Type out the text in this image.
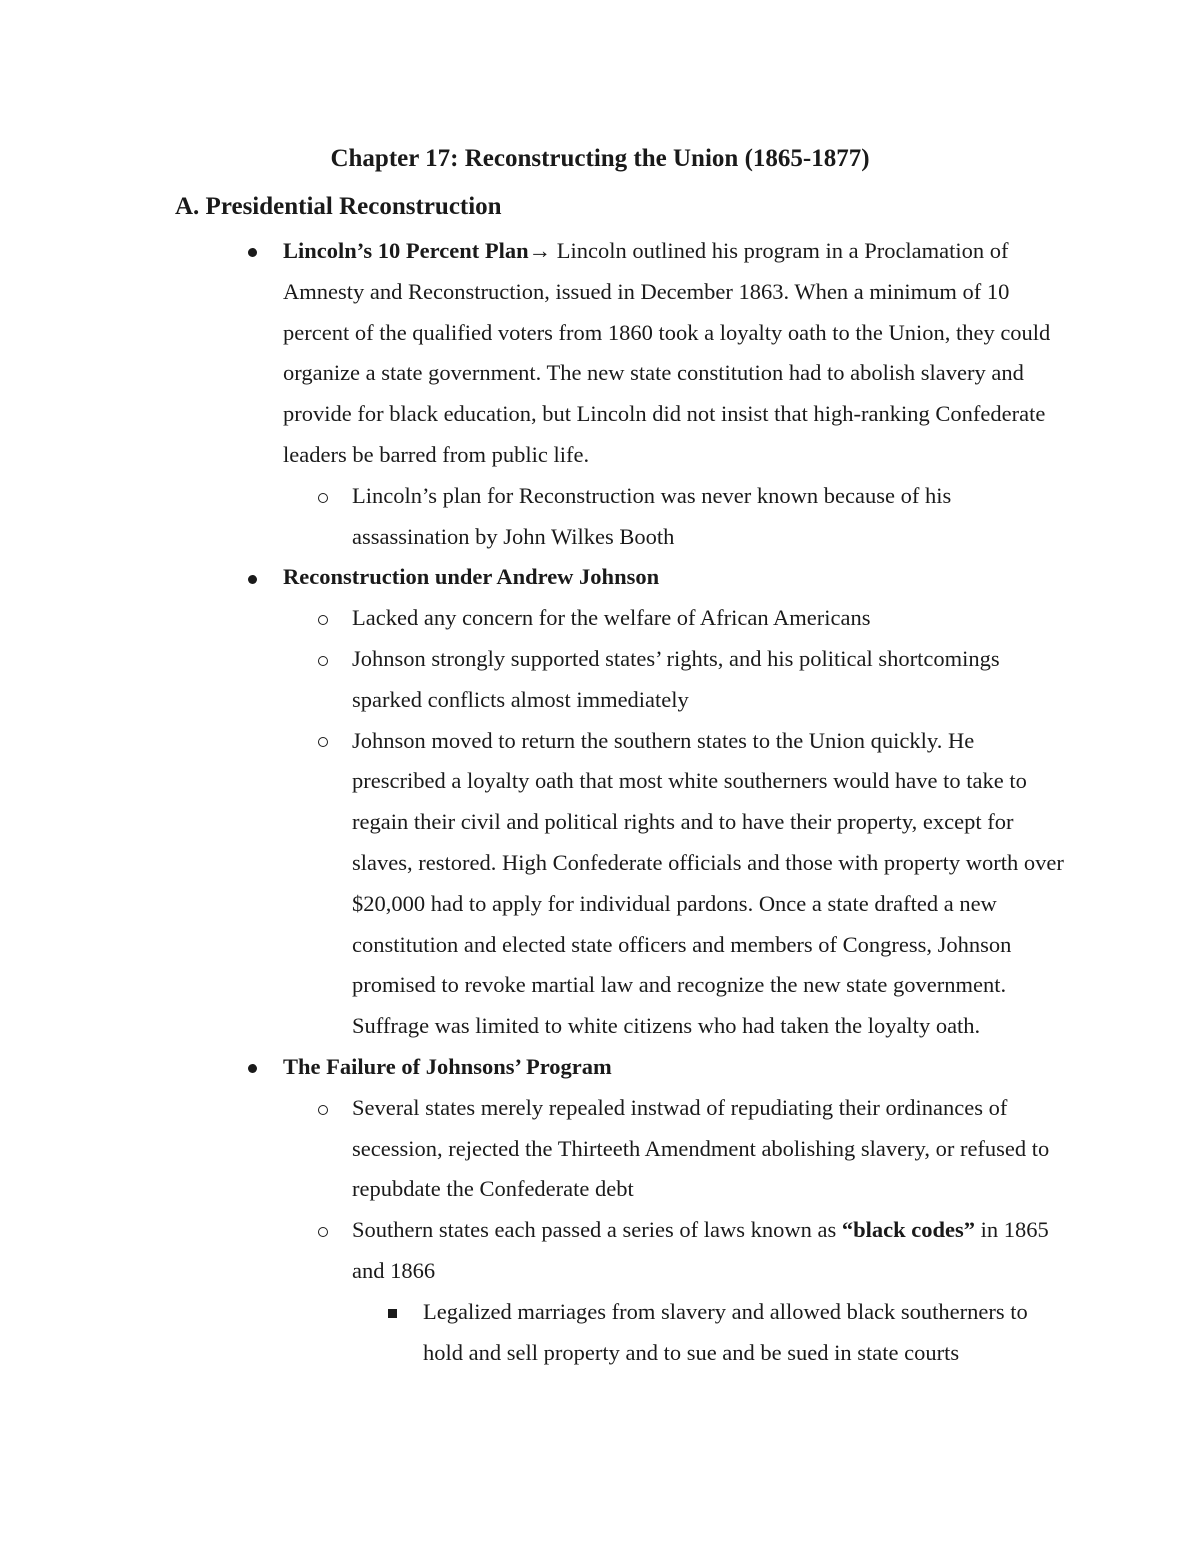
Chapter 17: Reconstructing the Union (1865-1877)
A. Presidential Reconstruction
Lincoln’s 10 Percent Plan→ Lincoln outlined his program in a Proclamation of Amnesty and Reconstruction, issued in December 1863. When a minimum of 10 percent of the qualified voters from 1860 took a loyalty oath to the Union, they could organize a state government. The new state constitution had to abolish slavery and provide for black education, but Lincoln did not insist that high-ranking Confederate leaders be barred from public life.
Lincoln’s plan for Reconstruction was never known because of his assassination by John Wilkes Booth
Reconstruction under Andrew Johnson
Lacked any concern for the welfare of African Americans
Johnson strongly supported states’ rights, and his political shortcomings sparked conflicts almost immediately
Johnson moved to return the southern states to the Union quickly. He prescribed a loyalty oath that most white southerners would have to take to regain their civil and political rights and to have their property, except for slaves, restored. High Confederate officials and those with property worth over $20,000 had to apply for individual pardons. Once a state drafted a new constitution and elected state officers and members of Congress, Johnson promised to revoke martial law and recognize the new state government. Suffrage was limited to white citizens who had taken the loyalty oath.
The Failure of Johnsons’ Program
Several states merely repealed instwad of repudiating their ordinances of secession, rejected the Thirteeth Amendment abolishing slavery, or refused to repubdate the Confederate debt
Southern states each passed a series of laws known as “black codes” in 1865 and 1866
Legalized marriages from slavery and allowed black southerners to hold and sell property and to sue and be sued in state courts
